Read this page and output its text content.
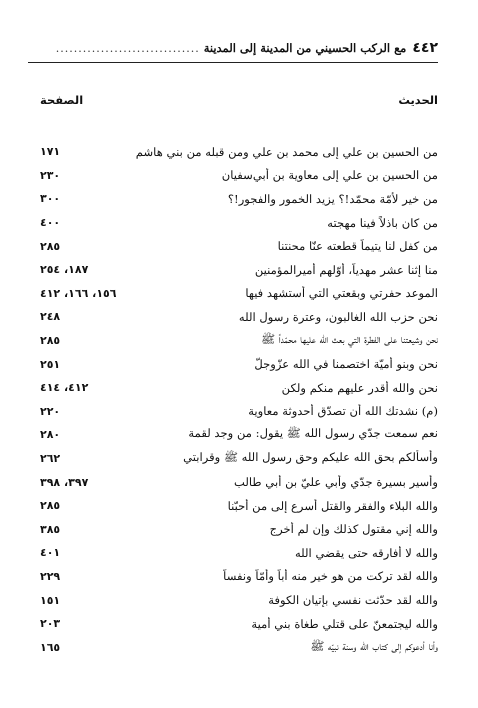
٤٤٢
مع الركب الحسيني من المدينة إلى المدينة
................................
الحديث
الصفحة
من الحسين بن علي إلى محمد بن علي ومن قبله من بني هاشم
١٧١
من الحسين بن علي إلى معاوية بن أبي‌سفيان
٢٣٠
من خير لأُمّة محمّد!؟ يزيد الخمور والفجور!؟
٣٠٠
من كان باذلاً فينا مهجته
٤٠٠
من كفل لنا يتيماً قطعته عنّا محنتنا
٢٨٥
منا إثنا عشر مهدياً، أوّلهم أميرالمؤمنين
١٨٧، ٢٥٤
الموعد حفرتي وبقعتي التي أستشهد فيها
١٥٦، ١٦٦، ٤١٢
نحن حزب الله الغالبون، وعترة رسول الله
٢٤٨
نحن وشيعتنا على الفطرة التي بعث الله عليها محمّداً ﷺ
٢٨٥
نحن وبنو أميّة اختصمنا في الله عزّوجلّ
٢٥١
نحن والله أقدر عليهم منكم ولكن
٤١٢، ٤١٤
(م) نشدتك الله أن تصدّق أحدوثة معاوية
٢٢٠
نعم سمعت جدّي رسول الله ﷺ يقول: من وجد لقمة
٢٨٠
وأسألكم بحق الله عليكم وحق رسول الله ﷺ وقرابتي
٢٦٢
وأسير بسيرة جدّي وأبي عليّ بن أبي طالب
٣٩٧، ٣٩٨
والله البلاء والفقر والقتل أسرع إلى من أحبّنا
٢٨٥
والله إني مقتول كذلك وإن لم أخرج
٣٨٥
والله لا أفارقه حتى يقضي الله
٤٠١
والله لقد تركت من هو خير منه أباً وأمّاً ونفساً
٢٢٩
والله لقد حدّثت نفسي بإتيان الكوفة
١٥١
والله ليجتمعنّ على قتلي طغاة بني أمية
٢٠٣
وأنا أدعوكم إلى كتاب الله وسنة نبيّه ﷺ
١٦٥
